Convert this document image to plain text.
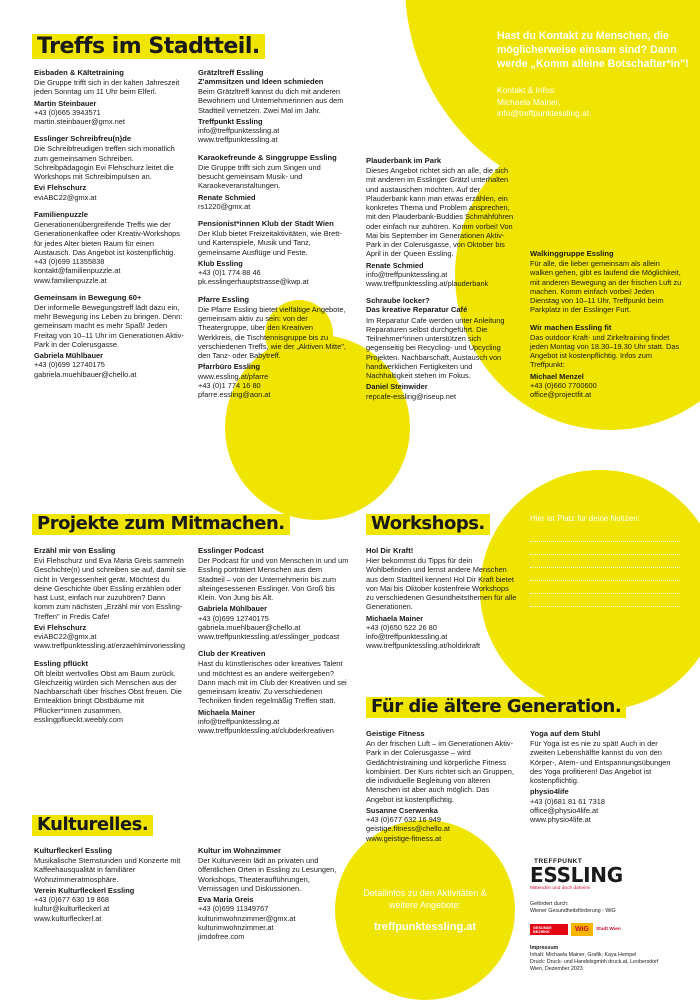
Treffs im Stadtteil.
Projekte zum Mitmachen.	Workshops.
Für die ältere Generation.
Kulturelles.
Hast du Kontakt zu Menschen, die möglicherweise einsam sind? Dann werde „Komm alleine Botschafter*in"!
Kontakt & Infos:
Michaela Mainer,
info@treffpunktessling.at
Hier ist Platz für deine Notizen:
Eisbaden & Kältetraining

Die Gruppe trifft sich in der kalten Jahreszeit jeden Sonntag um 11 Uhr beim Elferl.

Martin Steinbauer

+43 (0)665 3943571
martin.steinbauer@gmx.net

Esslinger Schreibfreu(n)de

Die Schreibfreudigen treffen sich monatlich zum gemeinsamen Schreiben. Schreibpädagogin Evi Flehschurz leitet die Workshops mit Schreibimpulsen an.

Evi Flehschurz

eviABC22@gmx.at

Familienpuzzle

Generationenübergreifende Treffs wie der Generationenkaffee oder Kreativ-Workshops für jedes Alter bieten Raum für einen Austausch. Das Angebot ist kostenpflichtig.

+43 (0)699 11355838
kontakt@familienpuzzle.at
www.familienpuzzle.at

Gemeinsam in Bewegung 60+

Der informelle Bewegungstreff lädt dazu ein, mehr Bewegung ins Leben zu bringen. Denn: gemeinsam macht es mehr Spaß! Jeden Freitag von 10–11 Uhr im Generationen Aktiv-Park in der Colerusgasse.

Gabriela Mühlbauer

+43 (0)699 12740175
gabriela.muehlbauer@chello.at

Grätzltreff Essling
Z'ammsitzen und Ideen schmieden

Beim Grätzltreff kannst du dich mit anderen Bewohnern und Unternehmerinnen aus dem Stadtteil vernetzen. Zwei Mal im Jahr.

Treffpunkt Essling

info@treffpunktessling.at
www.treffpunktessling.at

Karaokefreunde & Singgruppe Essling

Die Gruppe trifft sich zum Singen und besucht gemeinsam Musik- und Karaokeveranstaltungen.

Renate Schmied

rs1220@gmx.at

Pensionist*innen Klub der Stadt Wien

Der Klub bietet Freizeitaktivitäten, wie Brett- und Kartenspiele, Musik und Tanz, gemeinsame Ausflüge und Feste.

Klub Essling

+43 (0)1 774 88 46
pk.esslingerhauptstrasse@kwp.at

Pfarre Essling

Die Pfarre Essling bietet vielfältige Angebote, gemeinsam aktiv zu sein: von der Theatergruppe, über den Kreativen Werkkreis, die Tischtennisgruppe bis zu verschiedenen Treffs, wie der „Aktiven Mitte", den Tanz- oder Babytreff.

Pfarrbüro Essling

www.essling.at/pfarre
+43 (0)1 774 16 80
pfarre.essling@aon.at

Plauderbank im Park

Dieses Angebot richtet sich an alle, die sich mit anderen im Esslinger Grätzl unterhalten und austauschen möchten. Auf der Plauderbank kann man etwas erzählen, ein konkretes Thema und Problem ansprechen, mit den Plauderbank-Buddies Schmähführen oder einfach nur zuhören. Komm vorbei! Von Mai bis September im Generationen Aktiv-Park in der Colerusgasse, von Oktober bis April in der Queen Essling.

Renate Schmied

info@treffpunktessling.at
www.treffpunktessling.at/plauderbank

Schraube locker?
Das kreative Reparatur Café

Im Reparatur Cafe werden unter Anleitung Reparaturen selbst durchgeführt. Die Teilnehmer*innen unterstützen sich gegenseitig bei Recycling- und Upcycling Projekten. Nachbarschaft, Austausch von handwerklichen Fertigkeiten und Nachhaltigkeit stehen im Fokus.

Daniel Steinwider

repcafe-essling@riseup.net

Walkinggruppe Essling

Für alle, die lieber gemeinsam als allein walken gehen, gibt es laufend die Möglichkeit, mit anderen Bewegung an der frischen Luft zu machen. Komm einfach vorbei! Jeden Dienstag von 10–11 Uhr, Treffpunkt beim Parkplatz in der Esslinger Furt.

Wir machen Essling fit

Das outdoor Kraft- und Zirkeltraining findet jeden Montag von 18.30–19.30 Uhr statt. Das Angebot ist kostenpflichtig. Infos zum Treffpunkt:

Michael Menzel

+43 (0)660 7700600
office@projectfit.at

Erzähl mir von Essling

Evi Flehschurz und Eva Maria Greis sammeln Geschichte(n) und schreiben sie auf, damit sie nicht in Vergessenheit gerät. Möchtest du deine Geschichte über Essling erzählen oder hast Lust, einfach nur zuzuhören? Dann komm zum nächsten „Erzähl mir von Essling-Treffen" in Fredis Cafe!

Evi Flehschurz

eviABC22@gmx.at
www.treffpunktessling.at/erzaehlmirvonessling

Essling pflückt

Oft bleibt wertvolles Obst am Baum zurück. Gleichzeitig würden sich Menschen aus der Nachbarschaft über frisches Obst freuen. Die Ernteaktion bringt Obstbäume mit Pflücker*innen zusammen.

esslingpflueckt.weebly.com

Esslinger Podcast

Der Podcast für und von Menschen in und um Essling porträtiert Menschen aus dem Stadtteil – von der Unternehmerin bis zum alteingesessenen Esslinger. Von Groß bis Klein. Von Jung bis Alt.

Gabriela Mühlbauer

+43 (0)699 12740175
gabriela.muehlbauer@chello.at
www.treffpunktessling.at/esslinger_podcast

Club der Kreativen

Hast du künstlerisches oder kreatives Talent und möchtest es an andere weitergeben? Dann mach mit im Club der Kreativen und sei gemeinsam kreativ. Zu verschiedenen Techniken finden regelmäßig Treffen statt.

Michaela Mainer

info@treffpunktessling.at
www.treffpunktessling.at/clubderkreativen

Hol Dir Kraft!

Hier bekommst du Tipps für dein Wohlbefinden und lernst andere Menschen aus dem Stadtteil kennen! Hol Dir Kraft bietet von Mai bis Oktober kostenfreie Workshops zu verschiedenen Gesundheitsthemen für alle Generationen.

Michaela Mainer

+43 (0)650 522 26 80
info@treffpunktessling.at
www.treffpunktessling.at/holdirkraft

Geistige Fitness

An der frischen Luft – im Generationen Aktiv-Park in der Colerusgasse – wird Gedächtnistraining und körperliche Fitness kombiniert. Der Kurs richtet sich an Gruppen, die individuelle Begleitung von älteren Menschen ist aber auch möglich. Das Angebot ist kostenpflichtig.

Susanne Cserwenka

+43 (0)677 632 16 949
geistige.fitness@chello.at
www.geistige-fitness.at

Yoga auf dem Stuhl

Für Yoga ist es nie zu spät! Auch in der zweiten Lebenshälfte kannst du von den Körper-, Atem- und Entspannungsübungen des Yoga profitieren! Das Angebot ist kostenpflichtig.

physio4life

+43 (0)681 81 61 7318
office@physio4life.at
www.physio4life.at

Kulturfleckerl Essling

Musikalische Sternstunden und Konzerte mit Kaffeehausqualität in familiärer Wohnzimmeratmosphäre.

Verein Kulturfleckerl Essling

+43 (0)677 630 19 868
kultur@kulturfleckerl.at
www.kulturfleckerl.at

Kultur im Wohnzimmer

Der Kulturverein lädt an privaten und öffentlichen Orten in Essling zu Lesungen, Workshops, Theateraufführungen, Vernissagen und Diskussionen.

Eva Maria Greis

+43 (0)699 11349767
kulturimwohnzimmer@gmx.at
kulturimwohnzimmer.at
jimdofree.com

Detailinfos zu den Aktivitäten & weitere Angebote:
treffpunktessling.at
TREFFPUNKT
ESSLING
Mittendrin und doch daheim!
Gefördert durch:
Wiener Gesundheitsförderung - WiG
GESUNDE BEZIRKE	WiG	Stadt Wien
Impressum
Inhalt: Michaela Mainer, Grafik: Kaya Hempel
Druck: Druck- und Handelsgmbh druck.at, Leobersdorf
Wien, Dezember 2023
